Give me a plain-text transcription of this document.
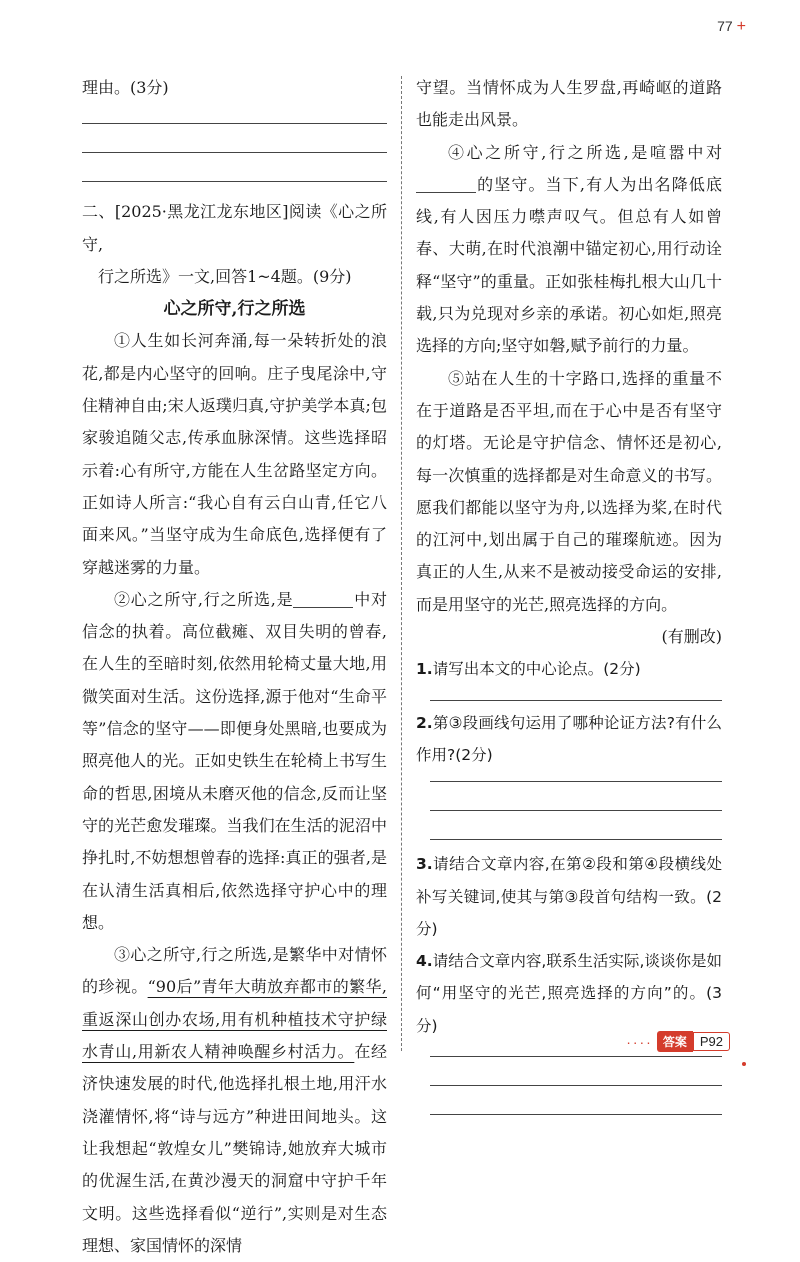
77 +

理由。(3分)

二、[2025·黑龙江龙东地区]阅读《心之所守,

行之所选》一文,回答1~4题。(9分)

心之所守,行之所选

①人生如长河奔涌,每一朵转折处的浪花,都是内心坚守的回响。庄子曳尾涂中,守住精神自由;宋人返璞归真,守护美学本真;包家骏追随父志,传承血脉深情。这些选择昭示着:心有所守,方能在人生岔路坚定方向。正如诗人所言:“我心自有云白山青,任它八面来风。”当坚守成为生命底色,选择便有了穿越迷雾的力量。

②心之所守,行之所选,是	中对信念的执着。高位截瘫、双目失明的曾春,在人生的至暗时刻,依然用轮椅丈量大地,用微笑面对生活。这份选择,源于他对“生命平等”信念的坚守——即便身处黑暗,也要成为照亮他人的光。正如史铁生在轮椅上书写生命的哲思,困境从未磨灭他的信念,反而让坚守的光芒愈发璀璨。当我们在生活的泥沼中挣扎时,不妨想想曾春的选择:真正的强者,是在认清生活真相后,依然选择守护心中的理想。

③心之所守,行之所选,是繁华中对情怀的珍视。“90后”青年大萌放弃都市的繁华,重返深山创办农场,用有机种植技术守护绿水青山,用新农人精神唤醒乡村活力。在经济快速发展的时代,他选择扎根土地,用汗水浇灌情怀,将“诗与远方”种进田间地头。这让我想起“敦煌女儿”樊锦诗,她放弃大城市的优渥生活,在黄沙漫天的洞窟中守护千年文明。这些选择看似“逆行”,实则是对生态理想、家国情怀的深情

守望。当情怀成为人生罗盘,再崎岖的道路也能走出风景。

④心之所守,行之所选,是喧嚣中对的坚守。当下,有人为出名降低底线,有人因压力噤声叹气。但总有人如曾春、大萌,在时代浪潮中锚定初心,用行动诠释“坚守”的重量。正如张桂梅扎根大山几十载,只为兑现对乡亲的承诺。初心如炬,照亮选择的方向;坚守如磐,赋予前行的力量。

⑤站在人生的十字路口,选择的重量不在于道路是否平坦,而在于心中是否有坚守的灯塔。无论是守护信念、情怀还是初心,每一次慎重的选择都是对生命意义的书写。愿我们都能以坚守为舟,以选择为桨,在时代的江河中,划出属于自己的璀璨航迹。因为真正的人生,从来不是被动接受命运的安排,而是用坚守的光芒,照亮选择的方向。

(有删改)

1.请写出本文的中心论点。(2分)

2.第③段画线句运用了哪种论证方法?有什么作用?(2分)

3.请结合文章内容,在第②段和第④段横线处补写关键词,使其与第③段首句结构一致。(2分)

4.请结合文章内容,联系生活实际,谈谈你是如何“用坚守的光芒,照亮选择的方向”的。(3分)

···· 答案	P92
